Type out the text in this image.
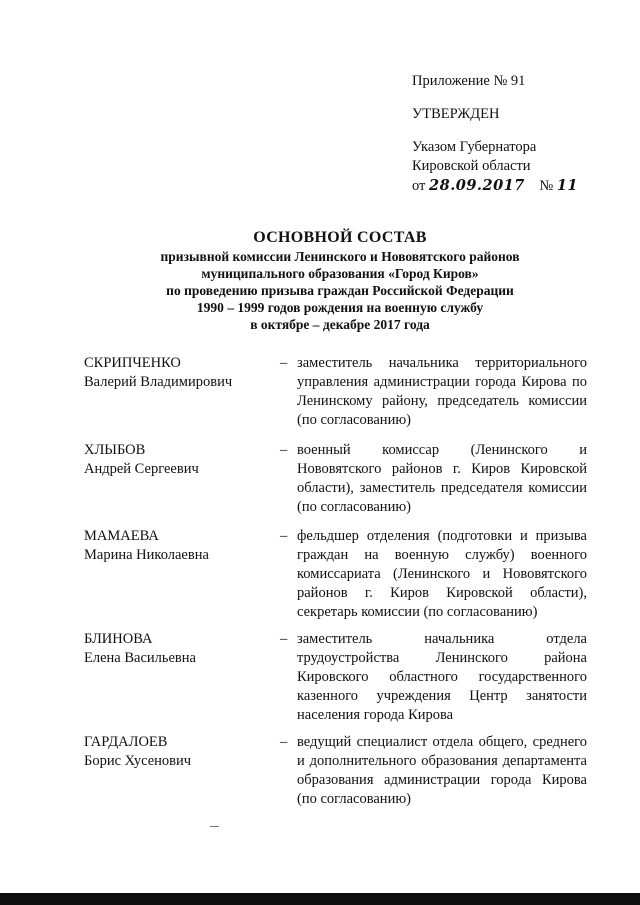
Приложение № 91
УТВЕРЖДЕН
Указом Губернатора
Кировской области
от 28.09.2017 № 11
ОСНОВНОЙ СОСТАВ
призывной комиссии Ленинского и Нововятского районов
муниципального образования «Город Киров»
по проведению призыва граждан Российской Федерации
1990 – 1999 годов рождения на военную службу
в октябре – декабре 2017 года
СКРИПЧЕНКО
Валерий Владимирович
– заместитель начальника территориального управления администрации города Кирова по Ленинскому району, председатель комиссии (по согласованию)
ХЛЫБОВ
Андрей Сергеевич
– военный комиссар (Ленинского и Нововятского районов г. Киров Кировской области), заместитель председателя комиссии (по согласованию)
МАМАЕВА
Марина Николаевна
– фельдшер отделения (подготовки и призыва граждан на военную службу) военного комиссариата (Ленинского и Нововятского районов г. Киров Кировской области), секретарь комиссии (по согласованию)
БЛИНОВА
Елена Васильевна
– заместитель начальника отдела трудоустройства Ленинского района Кировского областного государственного казенного учреждения Центр занятости населения города Кирова
ГАРДАЛОЕВ
Борис Хусенович
– ведущий специалист отдела общего, среднего и дополнительного образования департамента образования администрации города Кирова (по согласованию)
